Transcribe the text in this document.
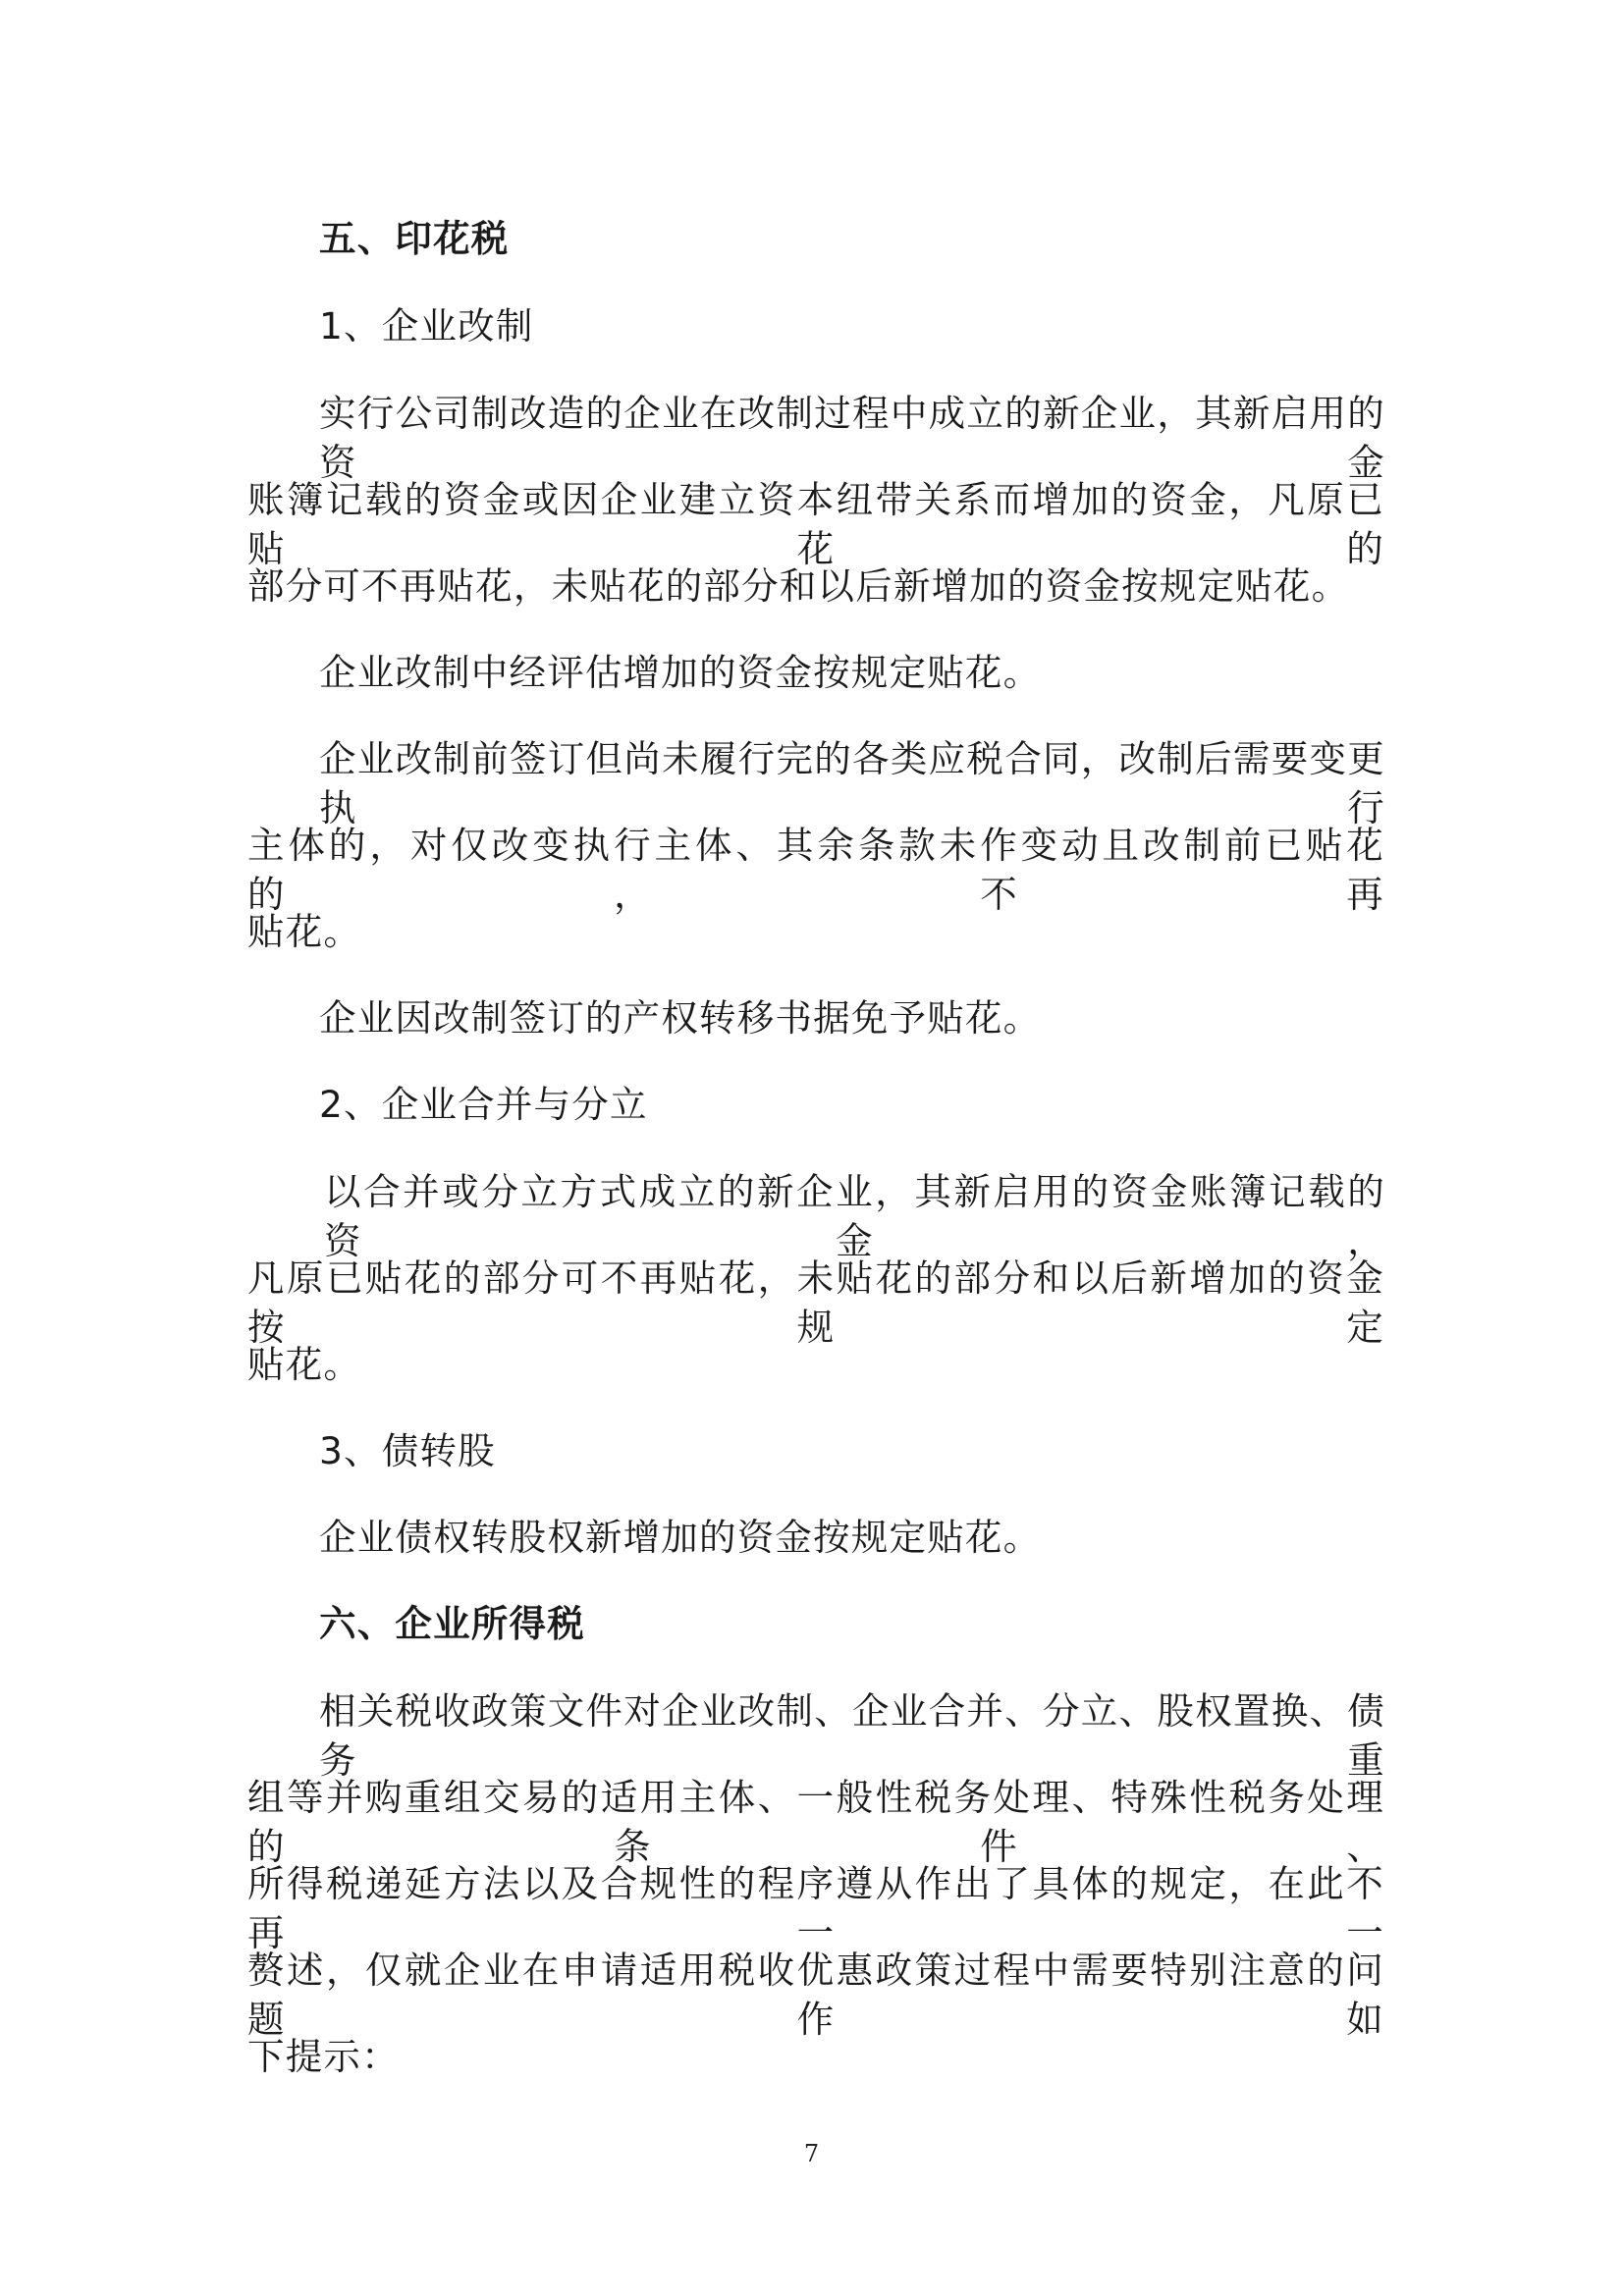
五、印花税
1、企业改制
实行公司制改造的企业在改制过程中成立的新企业，其新启用的资金
账簿记载的资金或因企业建立资本纽带关系而增加的资金，凡原已贴花的
部分可不再贴花，未贴花的部分和以后新增加的资金按规定贴花。
企业改制中经评估增加的资金按规定贴花。
企业改制前签订但尚未履行完的各类应税合同，改制后需要变更执行
主体的，对仅改变执行主体、其余条款未作变动且改制前已贴花的，不再
贴花。
企业因改制签订的产权转移书据免予贴花。
2、企业合并与分立
以合并或分立方式成立的新企业，其新启用的资金账簿记载的资金，
凡原已贴花的部分可不再贴花，未贴花的部分和以后新增加的资金按规定
贴花。
3、债转股
企业债权转股权新增加的资金按规定贴花。
六、企业所得税
相关税收政策文件对企业改制、企业合并、分立、股权置换、债务重
组等并购重组交易的适用主体、一般性税务处理、特殊性税务处理的条件、
所得税递延方法以及合规性的程序遵从作出了具体的规定，在此不再一一
赘述，仅就企业在申请适用税收优惠政策过程中需要特别注意的问题作如
下提示：
7
